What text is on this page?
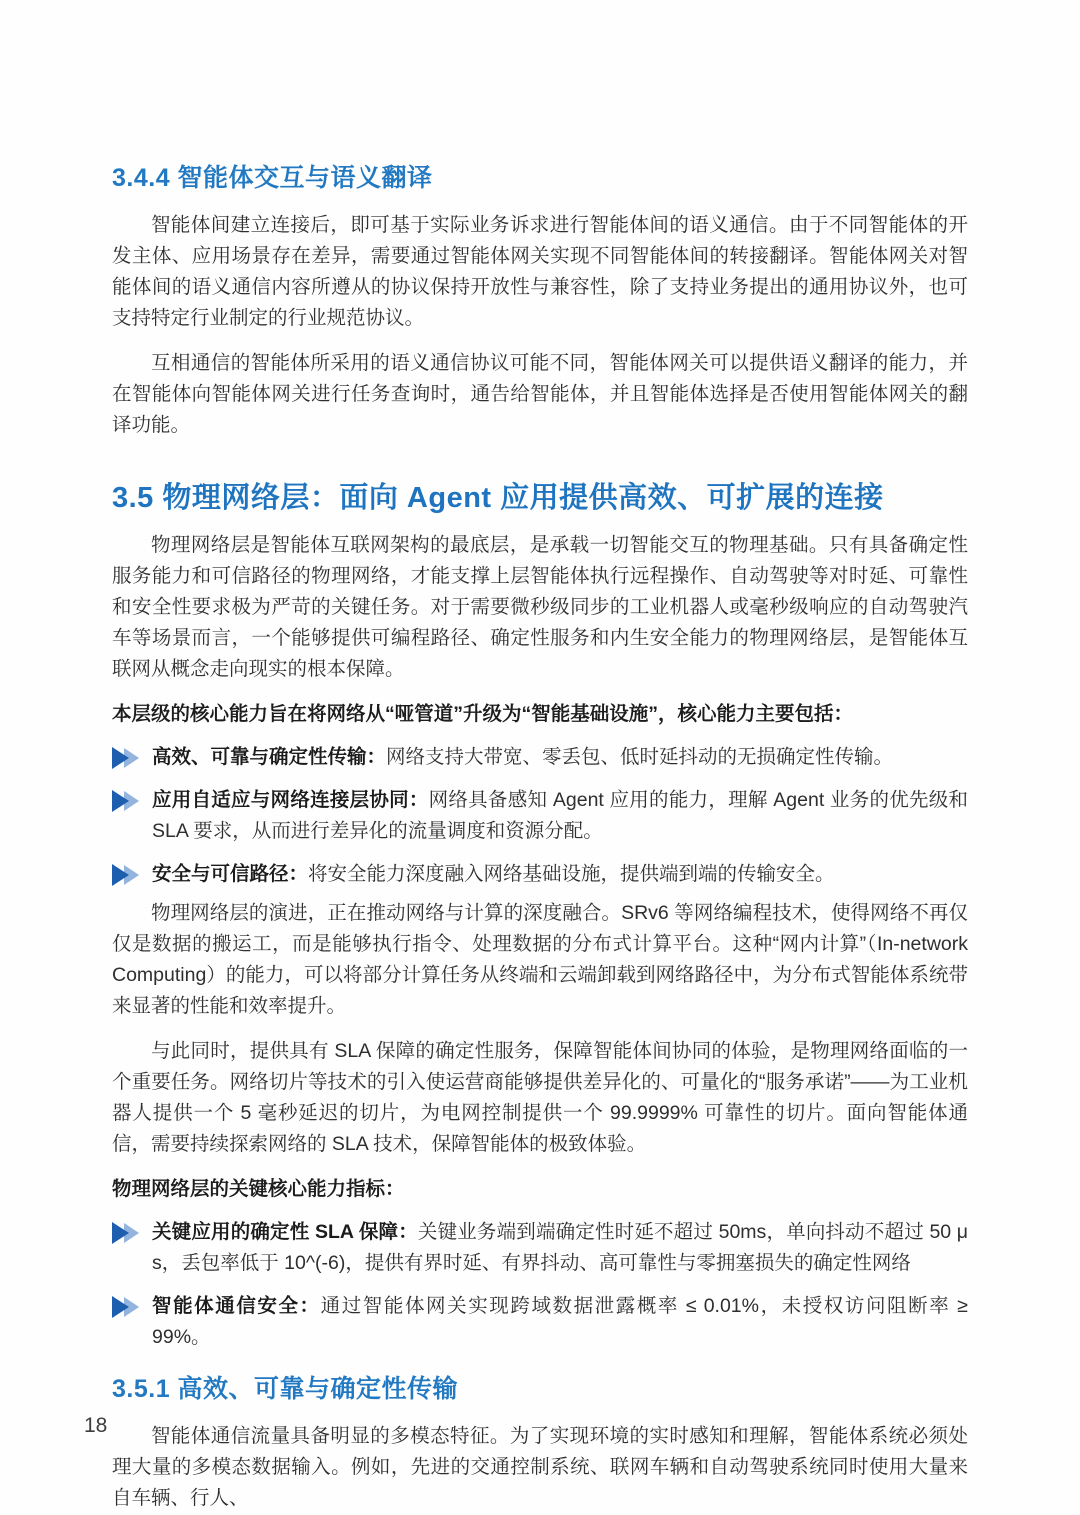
3.4.4 智能体交互与语义翻译

智能体间建立连接后，即可基于实际业务诉求进行智能体间的语义通信。由于不同智能体的开发主体、应用场景存在差异，需要通过智能体网关实现不同智能体间的转接翻译。智能体网关对智能体间的语义通信内容所遵从的协议保持开放性与兼容性，除了支持业务提出的通用协议外，也可支持特定行业制定的行业规范协议。

互相通信的智能体所采用的语义通信协议可能不同，智能体网关可以提供语义翻译的能力，并在智能体向智能体网关进行任务查询时，通告给智能体，并且智能体选择是否使用智能体网关的翻译功能。

3.5 物理网络层：面向 Agent 应用提供高效、可扩展的连接

物理网络层是智能体互联网架构的最底层，是承载一切智能交互的物理基础。只有具备确定性服务能力和可信路径的物理网络，才能支撑上层智能体执行远程操作、自动驾驶等对时延、可靠性和安全性要求极为严苛的关键任务。对于需要微秒级同步的工业机器人或毫秒级响应的自动驾驶汽车等场景而言，一个能够提供可编程路径、确定性服务和内生安全能力的物理网络层，是智能体互联网从概念走向现实的根本保障。

本层级的核心能力旨在将网络从“哑管道”升级为“智能基础设施”，核心能力主要包括：

高效、可靠与确定性传输：网络支持大带宽、零丢包、低时延抖动的无损确定性传输。
应用自适应与网络连接层协同：网络具备感知 Agent 应用的能力，理解 Agent 业务的优先级和 SLA 要求，从而进行差异化的流量调度和资源分配。
安全与可信路径：将安全能力深度融入网络基础设施，提供端到端的传输安全。

物理网络层的演进，正在推动网络与计算的深度融合。SRv6 等网络编程技术，使得网络不再仅仅是数据的搬运工，而是能够执行指令、处理数据的分布式计算平台。这种“网内计算”（In-network Computing）的能力，可以将部分计算任务从终端和云端卸载到网络路径中，为分布式智能体系统带来显著的性能和效率提升。

与此同时，提供具有 SLA 保障的确定性服务，保障智能体间协同的体验，是物理网络面临的一个重要任务。网络切片等技术的引入使运营商能够提供差异化的、可量化的“服务承诺”——为工业机器人提供一个 5 毫秒延迟的切片，为电网控制提供一个 99.9999% 可靠性的切片。面向智能体通信，需要持续探索网络的 SLA 技术，保障智能体的极致体验。

物理网络层的关键核心能力指标：

关键应用的确定性 SLA 保障：关键业务端到端确定性时延不超过 50ms，单向抖动不超过 50 μ s，丢包率低于 10^(-6)，提供有界时延、有界抖动、高可靠性与零拥塞损失的确定性网络
智能体通信安全：通过智能体网关实现跨域数据泄露概率 ≤ 0.01%，未授权访问阻断率 ≥ 99%。
3.5.1 高效、可靠与确定性传输

智能体通信流量具备明显的多模态特征。为了实现环境的实时感知和理解，智能体系统必须处理大量的多模态数据输入。例如，先进的交通控制系统、联网车辆和自动驾驶系统同时使用大量来自车辆、行人、

18
